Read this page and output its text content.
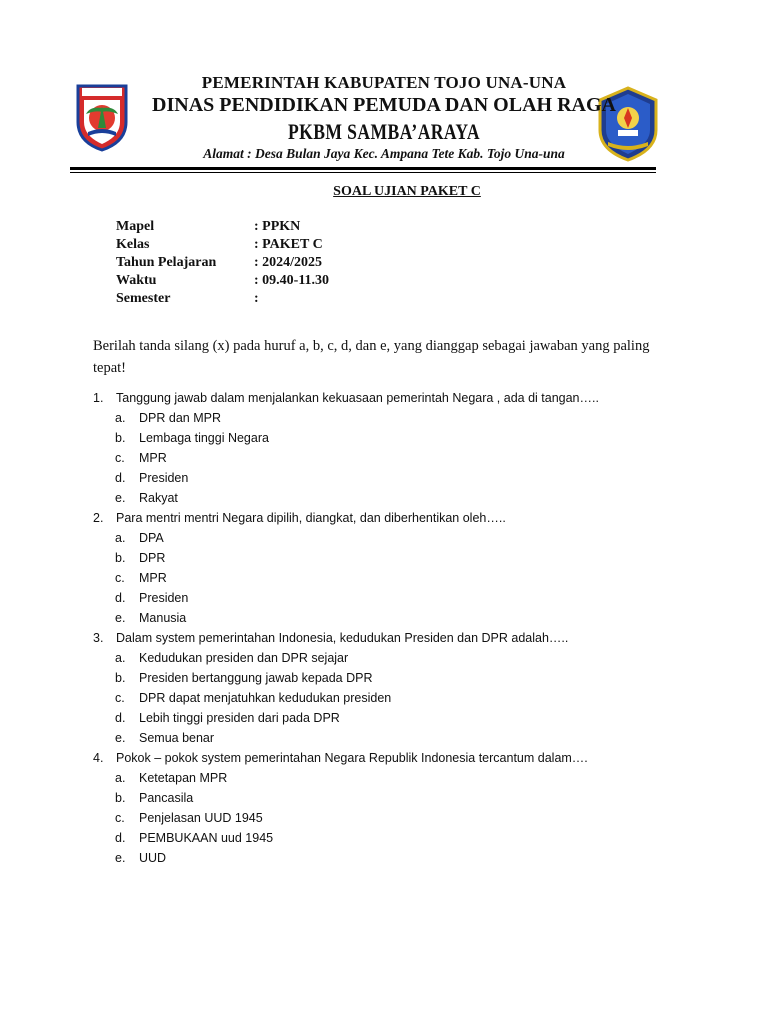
PEMERINTAH KABUPATEN TOJO UNA-UNA
DINAS PENDIDIKAN PEMUDA DAN OLAH RAGA
PKBM SAMBA’ARAYA
Alamat : Desa Bulan Jaya Kec. Ampana Tete Kab. Tojo Una-una
SOAL UJIAN PAKET C
Mapel	: PPKN
Kelas	: PAKET C
Tahun Pelajaran	: 2024/2025
Waktu	: 09.40-11.30
Semester	:
Berilah tanda silang (x) pada huruf a, b, c, d, dan e, yang dianggap sebagai jawaban yang paling tepat!
1.	Tanggung jawab dalam menjalankan kekuasaan pemerintah Negara , ada di tangan…..
a.	DPR dan MPR
b.	Lembaga tinggi Negara
c.	MPR
d.	Presiden
e.	Rakyat
2.	Para mentri mentri Negara dipilih, diangkat, dan diberhentikan oleh…..
a.	DPA
b.	DPR
c.	MPR
d.	Presiden
e.	Manusia
3.	Dalam system pemerintahan Indonesia, kedudukan Presiden dan DPR adalah…..
a.	Kedudukan presiden dan DPR sejajar
b.	Presiden bertanggung jawab kepada DPR
c.	DPR dapat menjatuhkan kedudukan presiden
d.	Lebih tinggi presiden dari pada DPR
e.	Semua benar
4.	Pokok – pokok system pemerintahan Negara Republik Indonesia tercantum dalam….
a.	Ketetapan MPR
b.	Pancasila
c.	Penjelasan UUD 1945
d.	PEMBUKAAN uud 1945
e.	UUD
